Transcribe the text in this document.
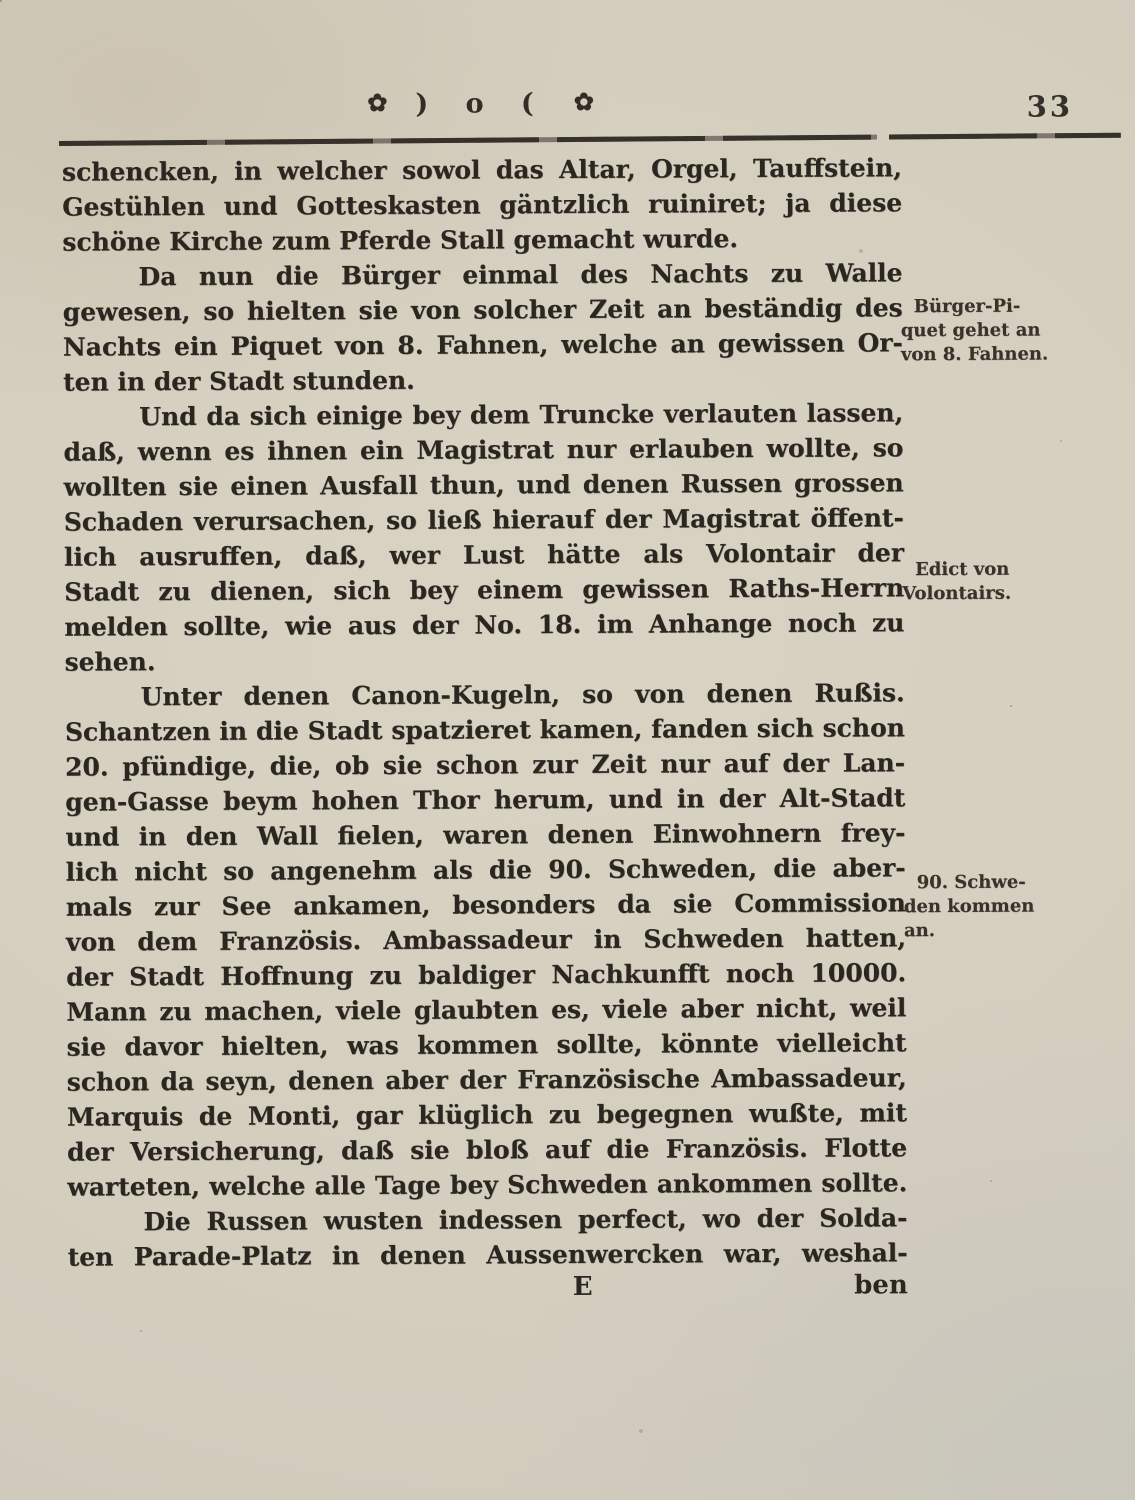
✿ ) o ( ✿	33
schencken, in welcher sowol das Altar, Orgel, Tauffstein,
Gestühlen und Gotteskasten gäntzlich ruiniret; ja diese
schöne Kirche zum Pferde Stall gemacht wurde.
Da nun die Bürger einmal des Nachts zu Walle
gewesen, so hielten sie von solcher Zeit an beständig des
Nachts ein Piquet von 8. Fahnen, welche an gewissen Or-
ten in der Stadt stunden.
Und da sich einige bey dem Truncke verlauten lassen,
daß, wenn es ihnen ein Magistrat nur erlauben wollte, so
wollten sie einen Ausfall thun, und denen Russen grossen
Schaden verursachen, so ließ hierauf der Magistrat öffent-
lich ausruffen, daß, wer Lust hätte als Volontair der
Stadt zu dienen, sich bey einem gewissen Raths-Herrn
melden sollte, wie aus der No. 18. im Anhange noch zu
sehen.
Unter denen Canon-Kugeln, so von denen Rußis.
Schantzen in die Stadt spatzieret kamen, fanden sich schon
20. pfündige, die, ob sie schon zur Zeit nur auf der Lan-
gen-Gasse beym hohen Thor herum, und in der Alt-Stadt
und in den Wall fielen, waren denen Einwohnern frey-
lich nicht so angenehm als die 90. Schweden, die aber-
mals zur See ankamen, besonders da sie Commission
von dem Französis. Ambassadeur in Schweden hatten,
der Stadt Hoffnung zu baldiger Nachkunfft noch 10000.
Mann zu machen, viele glaubten es, viele aber nicht, weil
sie davor hielten, was kommen sollte, könnte vielleicht
schon da seyn, denen aber der Französische Ambassadeur,
Marquis de Monti, gar klüglich zu begegnen wußte, mit
der Versicherung, daß sie bloß auf die Französis. Flotte
warteten, welche alle Tage bey Schweden ankommen sollte.
Die Russen wusten indessen perfect, wo der Solda-
ten Parade-Platz in denen Aussenwercken war, weshal-
Bürger-Pi-
quet gehet an
von 8. Fahnen.
Edict von
Volontairs.
90. Schwe-
den kommen
an.
E	ben
